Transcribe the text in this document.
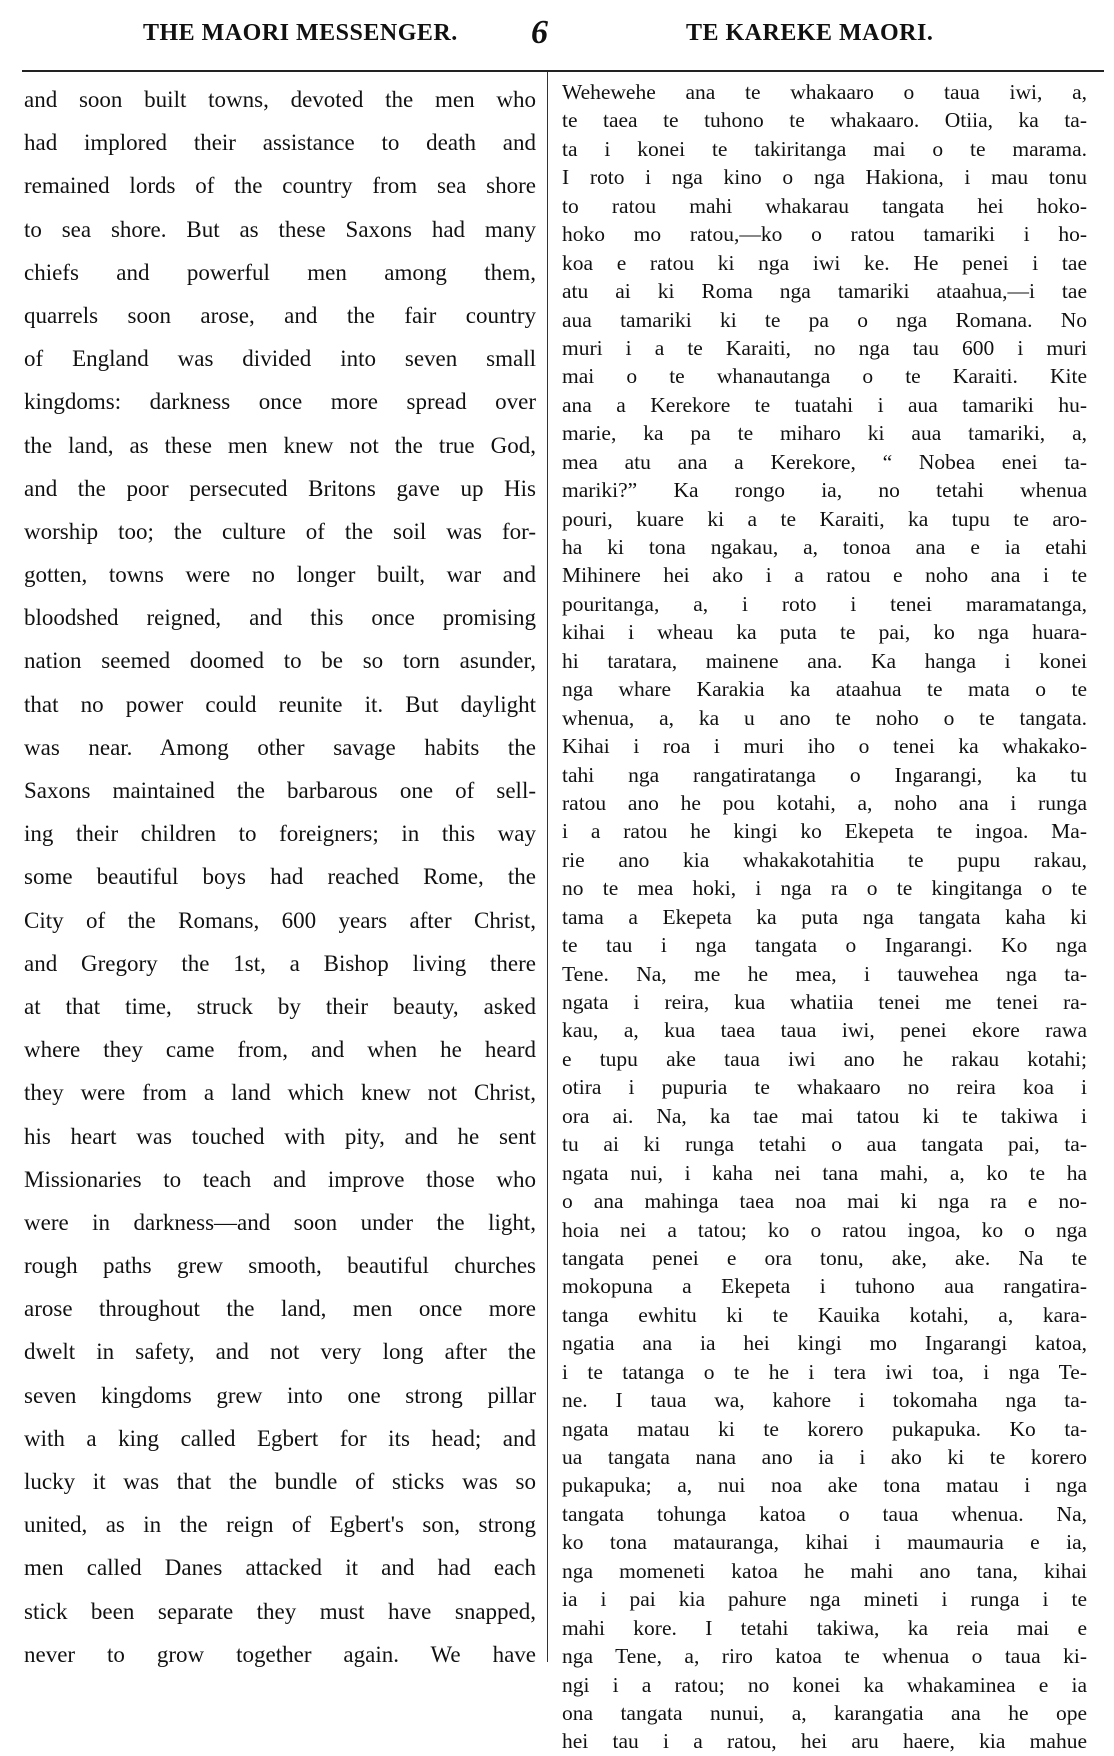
THE MAORI MESSENGER. 6	TE KAREKE MAORI.
and soon built towns, devoted the men who
had implored their assistance to death and
remained lords of the country from sea shore
to sea shore. But as these Saxons had many
chiefs and powerful men among them,
quarrels soon arose, and the fair country
of England was divided into seven small
kingdoms: darkness once more spread over
the land, as these men knew not the true God,
and the poor persecuted Britons gave up His
worship too; the culture of the soil was for-
gotten, towns were no longer built, war and
bloodshed reigned, and this once promising
nation seemed doomed to be so torn asunder,
that no power could reunite it. But daylight
was near. Among other savage habits the
Saxons maintained the barbarous one of sell-
ing their children to foreigners; in this way
some beautiful boys had reached Rome, the
City of the Romans, 600 years after Christ,
and Gregory the 1st, a Bishop living there
at that time, struck by their beauty, asked
where they came from, and when he heard
they were from a land which knew not Christ,
his heart was touched with pity, and he sent
Missionaries to teach and improve those who
were in darkness—and soon under the light,
rough paths grew smooth, beautiful churches
arose throughout the land, men once more
dwelt in safety, and not very long after the
seven kingdoms grew into one strong pillar
with a king called Egbert for its head; and
lucky it was that the bundle of sticks was so
united, as in the reign of Egbert's son, strong
men called Danes attacked it and had each
stick been separate they must have snapped,
never to grow together again. We have
Wehewehe ana te whakaaro o taua iwi, a,
te taea te tuhono te whakaaro. Otiia, ka ta-
ta i konei te takiritanga mai o te marama.
I roto i nga kino o nga Hakiona, i mau tonu
to ratou mahi whakarau tangata hei hoko-
hoko mo ratou,—ko o ratou tamariki i ho-
koa e ratou ki nga iwi ke. He penei i tae
atu ai ki Roma nga tamariki ataahua,—i tae
aua tamariki ki te pa o nga Romana. No
muri i a te Karaiti, no nga tau 600 i muri
mai o te whanautanga o te Karaiti. Kite
ana a Kerekore te tuatahi i aua tamariki hu-
marie, ka pa te miharo ki aua tamariki, a,
mea atu ana a Kerekore, “ Nobea enei ta-
mariki?” Ka rongo ia, no tetahi whenua
pouri, kuare ki a te Karaiti, ka tupu te aro-
ha ki tona ngakau, a, tonoa ana e ia etahi
Mihinere hei ako i a ratou e noho ana i te
pouritanga, a, i roto i tenei maramatanga,
kihai i wheau ka puta te pai, ko nga huara-
hi taratara, mainene ana. Ka hanga i konei
nga whare Karakia ka ataahua te mata o te
whenua, a, ka u ano te noho o te tangata.
Kihai i roa i muri iho o tenei ka whakako-
tahi nga rangatiratanga o Ingarangi, ka tu
ratou ano he pou kotahi, a, noho ana i runga
i a ratou he kingi ko Ekepeta te ingoa. Ma-
rie ano kia whakakotahitia te pupu rakau,
no te mea hoki, i nga ra o te kingitanga o te
tama a Ekepeta ka puta nga tangata kaha ki
te tau i nga tangata o Ingarangi. Ko nga
Tene. Na, me he mea, i tauwehea nga ta-
ngata i reira, kua whatiia tenei me tenei ra-
kau, a, kua taea taua iwi, penei ekore rawa
e tupu ake taua iwi ano he rakau kotahi;
otira i pupuria te whakaaro no reira koa i
ora ai. Na, ka tae mai tatou ki te takiwa i
tu ai ki runga tetahi o aua tangata pai, ta-
ngata nui, i kaha nei tana mahi, a, ko te ha
o ana mahinga taea noa mai ki nga ra e no-
hoia nei a tatou; ko o ratou ingoa, ko o nga
tangata penei e ora tonu, ake, ake. Na te
mokopuna a Ekepeta i tuhono aua rangatira-
tanga ewhitu ki te Kauika kotahi, a, kara-
ngatia ana ia hei kingi mo Ingarangi katoa,
i te tatanga o te he i tera iwi toa, i nga Te-
ne. I taua wa, kahore i tokomaha nga ta-
ngata matau ki te korero pukapuka. Ko ta-
ua tangata nana ano ia i ako ki te korero
pukapuka; a, nui noa ake tona matau i nga
tangata tohunga katoa o taua whenua. Na,
ko tona matauranga, kihai i maumauria e ia,
nga momeneti katoa he mahi ano tana, kihai
ia i pai kia pahure nga mineti i runga i te
mahi kore. I tetahi takiwa, ka reia mai e
nga Tene, a, riro katoa te whenua o taua ki-
ngi i a ratou; no konei ka whakaminea e ia
ona tangata nunui, a, karangatia ana he ope
hei tau i a ratou, hei aru haere, kia mahue
